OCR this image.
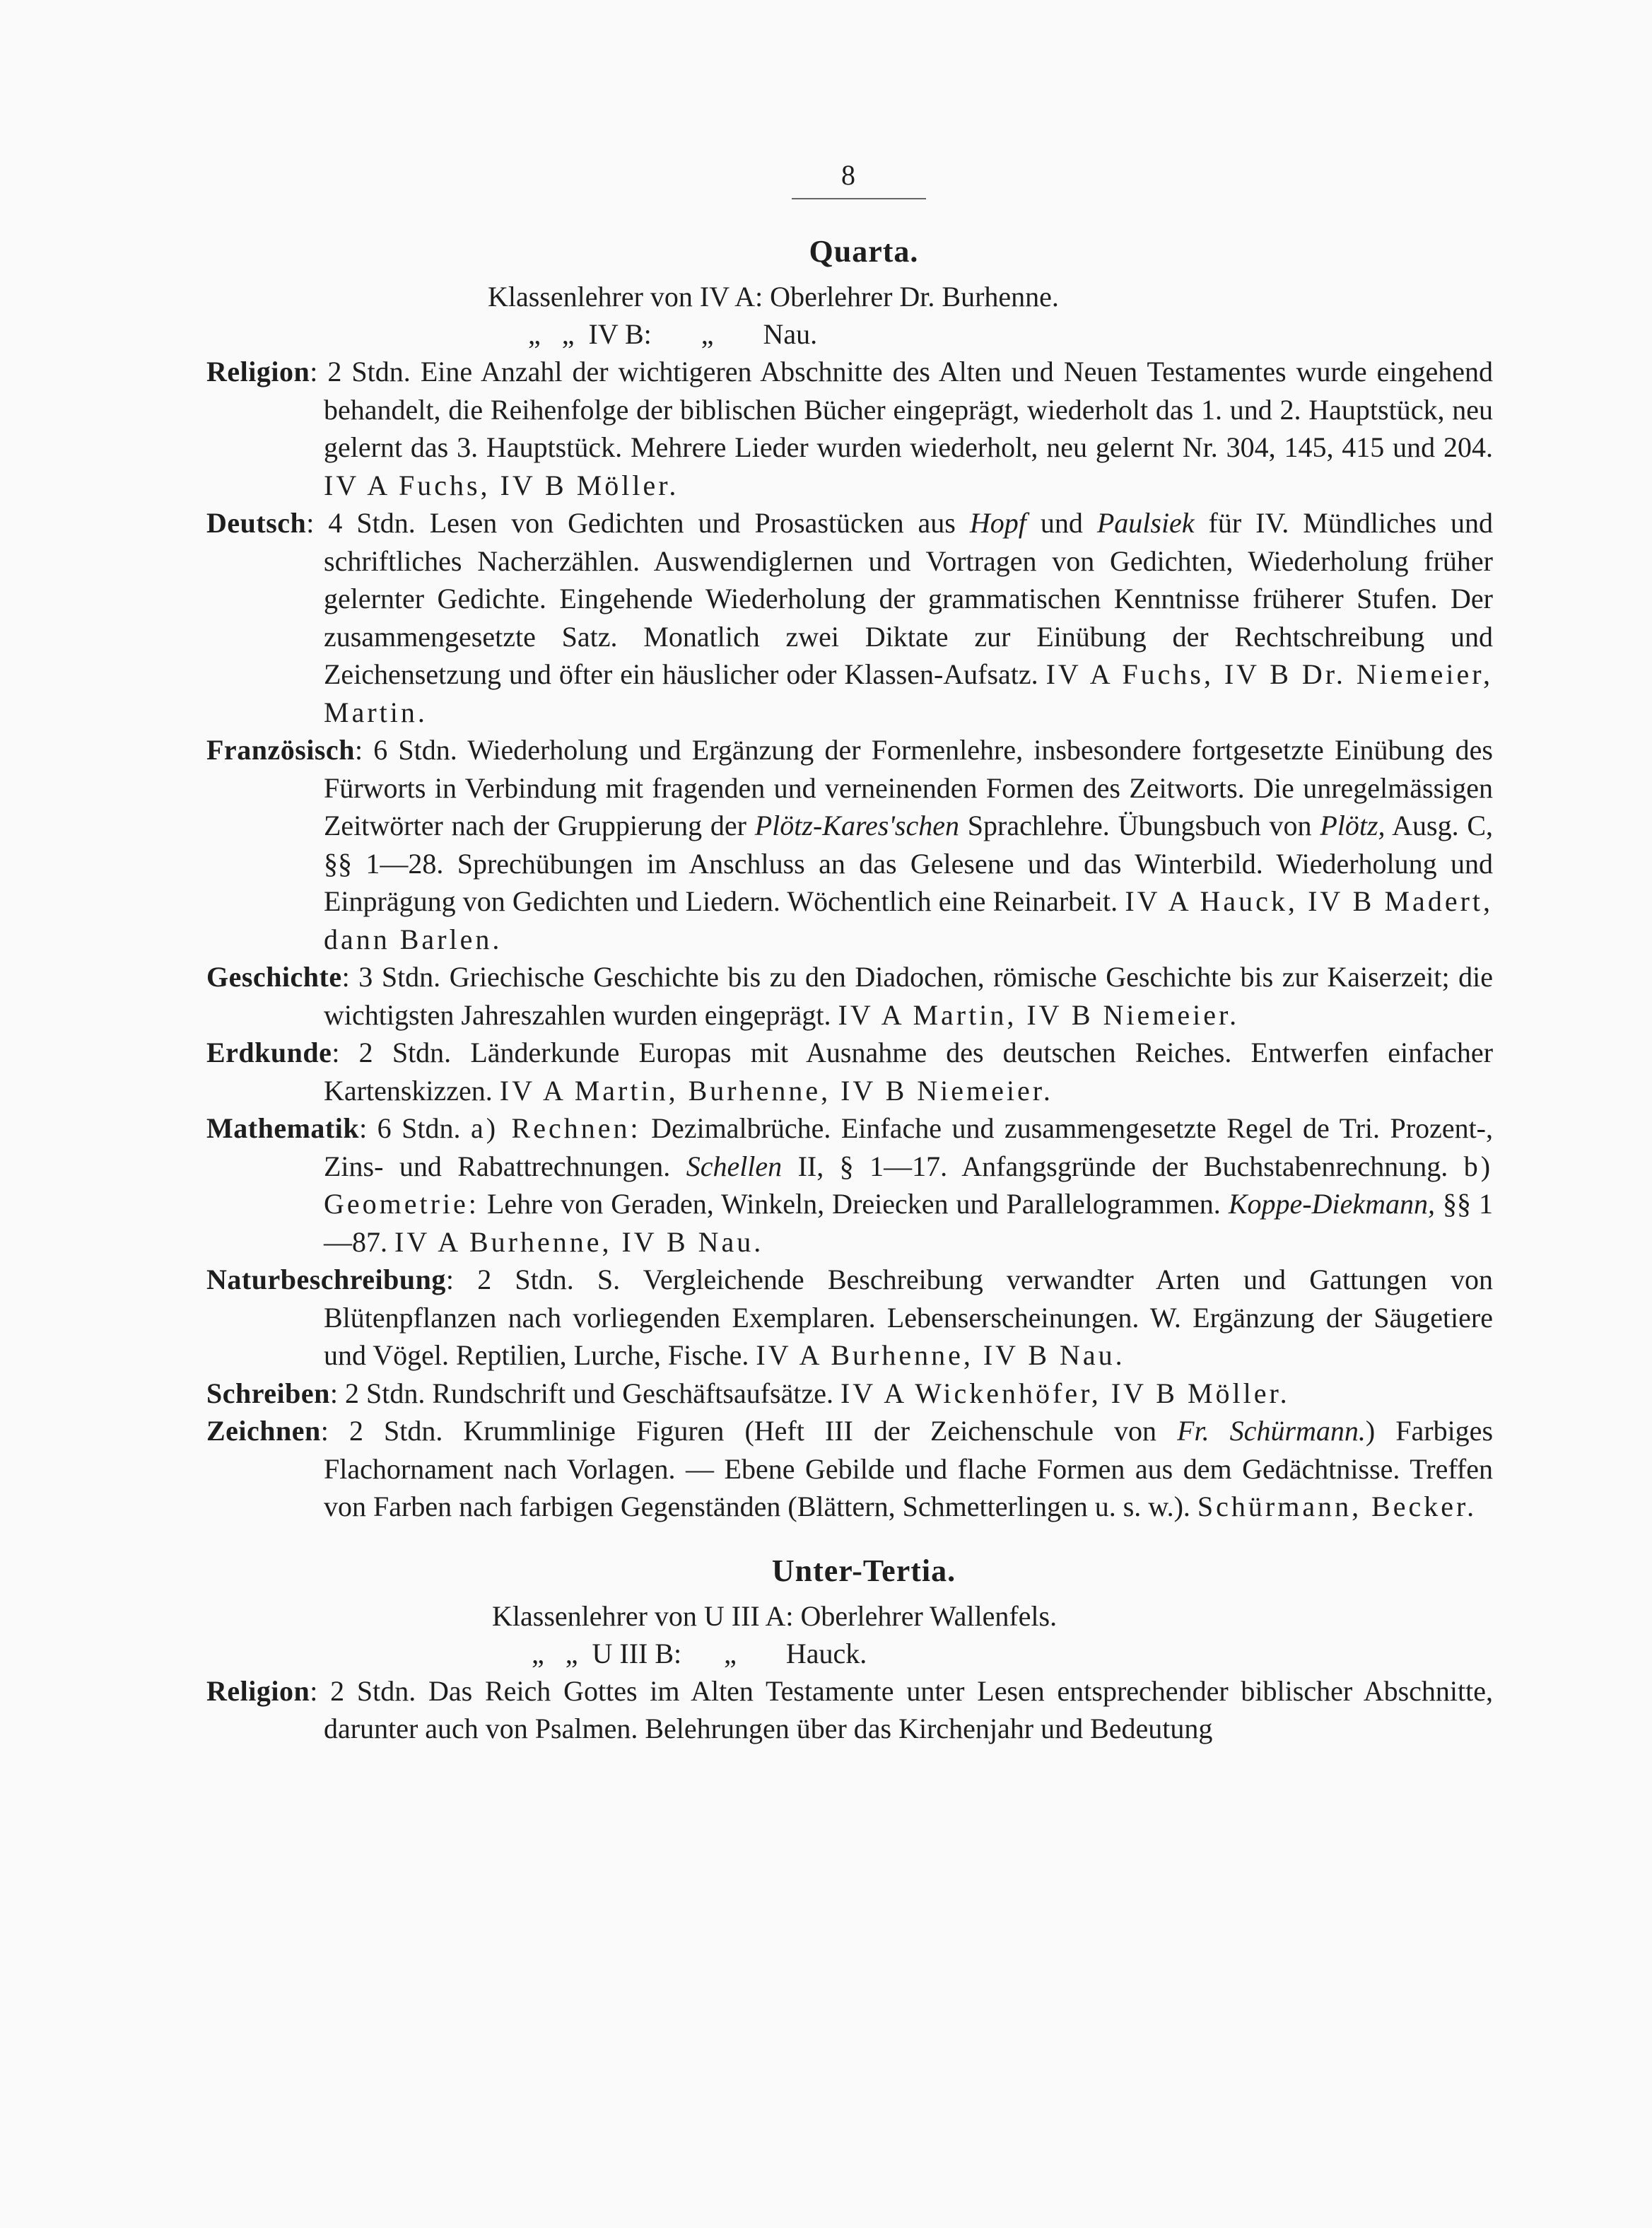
8
Quarta.
Klassenlehrer von IV A: Oberlehrer Dr. Burhenne.
„   „  IV B:       „       Nau.

Religion: 2 Stdn. Eine Anzahl der wichtigeren Abschnitte des Alten und Neuen Testamentes wurde eingehend behandelt, die Reihenfolge der biblischen Bücher eingeprägt, wiederholt das 1. und 2. Hauptstück, neu gelernt das 3. Hauptstück. Mehrere Lieder wurden wiederholt, neu gelernt Nr. 304, 145, 415 und 204. IV A Fuchs, IV B Möller.

Deutsch: 4 Stdn. Lesen von Gedichten und Prosastücken aus Hopf und Paulsiek für IV. Mündliches und schriftliches Nacherzählen. Auswendiglernen und Vortragen von Gedichten, Wiederholung früher gelernter Gedichte. Eingehende Wiederholung der grammatischen Kenntnisse früherer Stufen. Der zusammengesetzte Satz. Monatlich zwei Diktate zur Einübung der Rechtschreibung und Zeichensetzung und öfter ein häuslicher oder Klassen-Aufsatz. IV A Fuchs, IV B Dr. Niemeier, Martin.

Französisch: 6 Stdn. Wiederholung und Ergänzung der Formenlehre, insbesondere fortgesetzte Einübung des Fürworts in Verbindung mit fragenden und verneinenden Formen des Zeitworts. Die unregelmässigen Zeitwörter nach der Gruppierung der Plötz-Kares'schen Sprachlehre. Übungsbuch von Plötz, Ausg. C, §§ 1—28. Sprechübungen im Anschluss an das Gelesene und das Winterbild. Wiederholung und Einprägung von Gedichten und Liedern. Wöchentlich eine Reinarbeit. IV A Hauck, IV B Madert, dann Barlen.

Geschichte: 3 Stdn. Griechische Geschichte bis zu den Diadochen, römische Geschichte bis zur Kaiserzeit; die wichtigsten Jahreszahlen wurden eingeprägt. IV A Martin, IV B Niemeier.

Erdkunde: 2 Stdn. Länderkunde Europas mit Ausnahme des deutschen Reiches. Entwerfen einfacher Kartenskizzen. IV A Martin, Burhenne, IV B Niemeier.

Mathematik: 6 Stdn. a) Rechnen: Dezimalbrüche. Einfache und zusammengesetzte Regel de Tri. Prozent-, Zins- und Rabattrechnungen. Schellen II, § 1—17. Anfangsgründe der Buchstabenrechnung. b) Geometrie: Lehre von Geraden, Winkeln, Dreiecken und Parallelogrammen. Koppe-Diekmann, §§ 1—87. IV A Burhenne, IV B Nau.

Naturbeschreibung: 2 Stdn. S. Vergleichende Beschreibung verwandter Arten und Gattungen von Blütenpflanzen nach vorliegenden Exemplaren. Lebenserscheinungen. W. Ergänzung der Säugetiere und Vögel. Reptilien, Lurche, Fische. IV A Burhenne, IV B Nau.

Schreiben: 2 Stdn. Rundschrift und Geschäftsaufsätze. IV A Wickenhöfer, IV B Möller.

Zeichnen: 2 Stdn. Krummlinige Figuren (Heft III der Zeichenschule von Fr. Schürmann.) Farbiges Flachornament nach Vorlagen. — Ebene Gebilde und flache Formen aus dem Gedächtnisse. Treffen von Farben nach farbigen Gegenständen (Blättern, Schmetterlingen u. s. w.). Schürmann, Becker.

Unter-Tertia.
Klassenlehrer von U III A: Oberlehrer Wallenfels.
„   „  U III B:      „       Hauck.

Religion: 2 Stdn. Das Reich Gottes im Alten Testamente unter Lesen entsprechender biblischer Abschnitte, darunter auch von Psalmen. Belehrungen über das Kirchenjahr und Bedeutung
